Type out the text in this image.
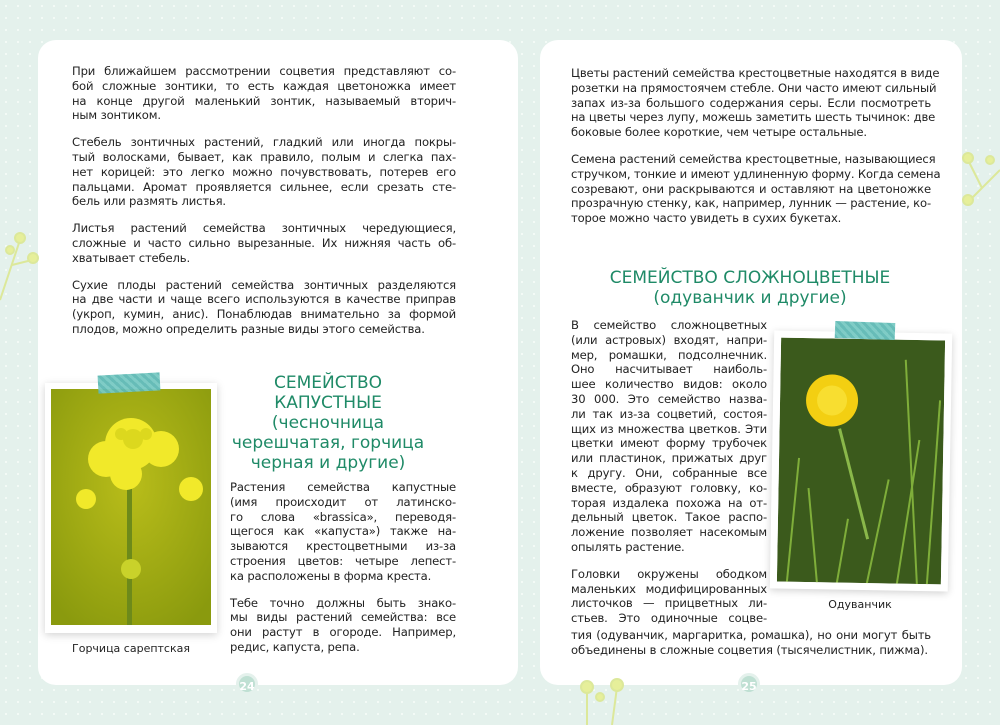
При ближайшем рассмотрении соцветия представляют со-
бой сложные зонтики, то есть каждая цветоножка имеет
на конце другой маленький зонтик, называемый вторич-
ным зонтиком.
Стебель зонтичных растений, гладкий или иногда покры-
тый волосками, бывает, как правило, полым и слегка пах-
нет корицей: это легко можно почувствовать, потерев его
пальцами. Аромат проявляется сильнее, если срезать сте-
бель или размять листья.
Листья растений семейства зонтичных чередующиеся,
сложные и часто сильно вырезанные. Их нижняя часть об-
хватывает стебель.
Сухие плоды растений семейства зонтичных разделяются
на две части и чаще всего используются в качестве приправ
(укроп, кумин, анис). Понаблюдав внимательно за формой
плодов, можно определить разные виды этого семейства.
Горчица сарептская
СЕМЕЙСТВО
КАПУСТНЫЕ
(чесночница
черешчатая, горчица
черная и другие)
Растения семейства капустные
(имя происходит от латинско-
го слова «brassica», переводя-
щегося как «капуста») также на-
зываются крестоцветными из-за
строения цветов: четыре лепест-
ка расположены в форма креста.
Тебе точно должны быть знако-
мы виды растений семейства: все
они растут в огороде. Например,
редис, капуста, репа.
24
Цветы растений семейства крестоцветные находятся в виде
розетки на прямостоячем стебле. Они часто имеют сильный
запах из-за большого содержания серы. Если посмотреть
на цветы через лупу, можешь заметить шесть тычинок: две
боковые более короткие, чем четыре остальные.
Семена растений семейства крестоцветные, называющиеся
стручком, тонкие и имеют удлиненную форму. Когда семена
созревают, они раскрываются и оставляют на цветоножке
прозрачную стенку, как, например, лунник — растение, ко-
торое можно часто увидеть в сухих букетах.
СЕМЕЙСТВО СЛОЖНОЦВЕТНЫЕ
(одуванчик и другие)
В семейство сложноцветных
(или астровых) входят, напри-
мер, ромашки, подсолнечник.
Оно насчитывает наиболь-
шее количество видов: около
30 000. Это семейство назва-
ли так из-за соцветий, состоя-
щих из множества цветков. Эти
цветки имеют форму трубочек
или пластинок, прижатых друг
к другу. Они, собранные все
вместе, образуют головку, ко-
торая издалека похожа на от-
дельный цветок. Такое распо-
ложение позволяет насекомым
опылять растение.
Головки окружены ободком
маленьких модифицированных
листочков — прицветных ли-
стьев. Это одиночные соцве-
тия (одуванчик, маргаритка, ромашка), но они могут быть
объединены в сложные соцветия (тысячелистник, пижма).
Одуванчик
25
